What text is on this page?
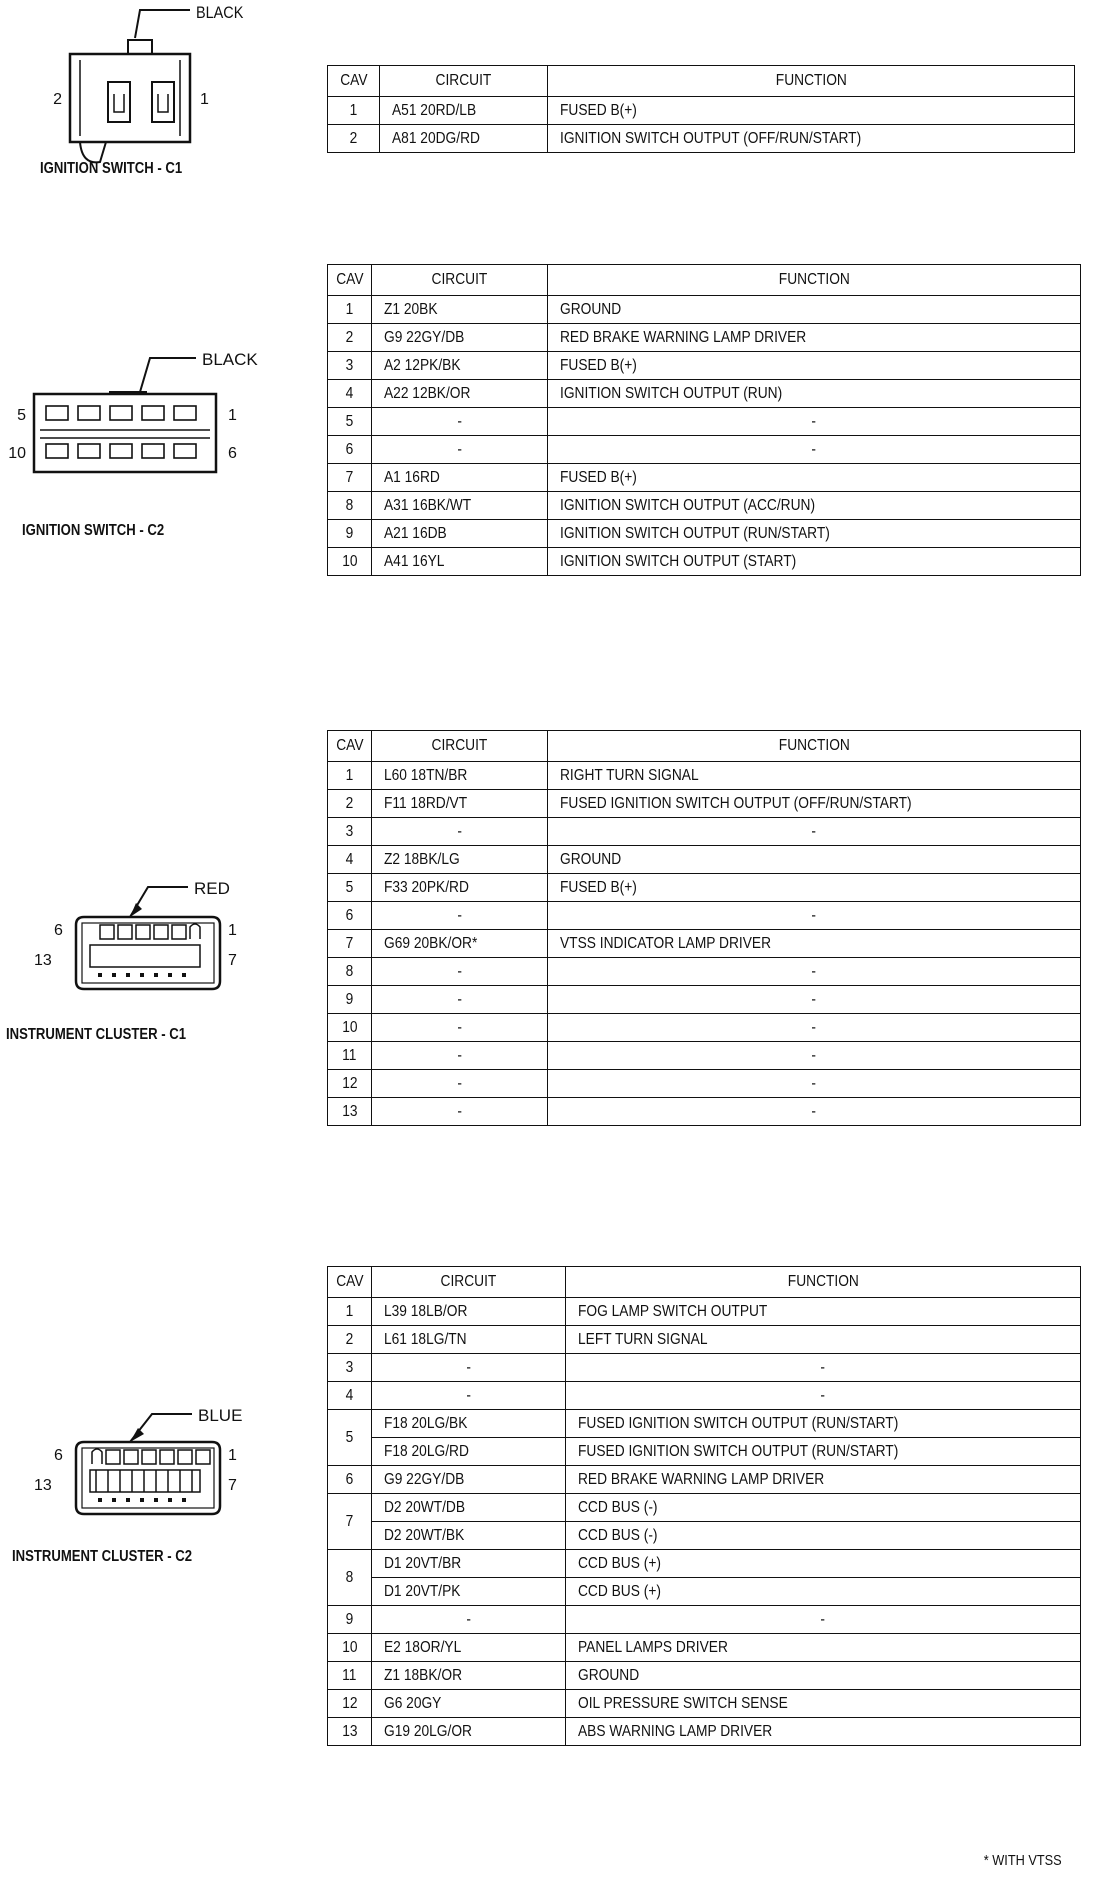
BLACK
2	1
IGNITION SWITCH - C1
CAV	CIRCUIT	FUNCTION
1	A51 20RD/LB	FUSED B(+)
2	A81 20DG/RD	IGNITION SWITCH OUTPUT (OFF/RUN/START)
BLACK
5	1
10	6
IGNITION SWITCH - C2
CAV	CIRCUIT	FUNCTION
1	Z1 20BK	GROUND
2	G9 22GY/DB	RED BRAKE WARNING LAMP DRIVER
3	A2 12PK/BK	FUSED B(+)
4	A22 12BK/OR	IGNITION SWITCH OUTPUT (RUN)
5	-	-
6	-	-
7	A1 16RD	FUSED B(+)
8	A31 16BK/WT	IGNITION SWITCH OUTPUT (ACC/RUN)
9	A21 16DB	IGNITION SWITCH OUTPUT (RUN/START)
10	A41 16YL	IGNITION SWITCH OUTPUT (START)
RED
6	1
13	7
INSTRUMENT CLUSTER - C1
CAV	CIRCUIT	FUNCTION
1	L60 18TN/BR	RIGHT TURN SIGNAL
2	F11 18RD/VT	FUSED IGNITION SWITCH OUTPUT (OFF/RUN/START)
3	-	-
4	Z2 18BK/LG	GROUND
5	F33 20PK/RD	FUSED B(+)
6	-	-
7	G69 20BK/OR*	VTSS INDICATOR LAMP DRIVER
8	-	-
9	-	-
10	-	-
11	-	-
12	-	-
13	-	-
BLUE
6	1
13	7
INSTRUMENT CLUSTER - C2
CAV	CIRCUIT	FUNCTION
1	L39 18LB/OR	FOG LAMP SWITCH OUTPUT
2	L61 18LG/TN	LEFT TURN SIGNAL
3	-	-
4	-	-
5	F18 20LG/BK	FUSED IGNITION SWITCH OUTPUT (RUN/START)
	F18 20LG/RD	FUSED IGNITION SWITCH OUTPUT (RUN/START)
6	G9 22GY/DB	RED BRAKE WARNING LAMP DRIVER
7	D2 20WT/DB	CCD BUS (-)
	D2 20WT/BK	CCD BUS (-)
8	D1 20VT/BR	CCD BUS (+)
	D1 20VT/PK	CCD BUS (+)
9	-	-
10	E2 18OR/YL	PANEL LAMPS DRIVER
11	Z1 18BK/OR	GROUND
12	G6 20GY	OIL PRESSURE SWITCH SENSE
13	G19 20LG/OR	ABS WARNING LAMP DRIVER
* WITH VTSS
